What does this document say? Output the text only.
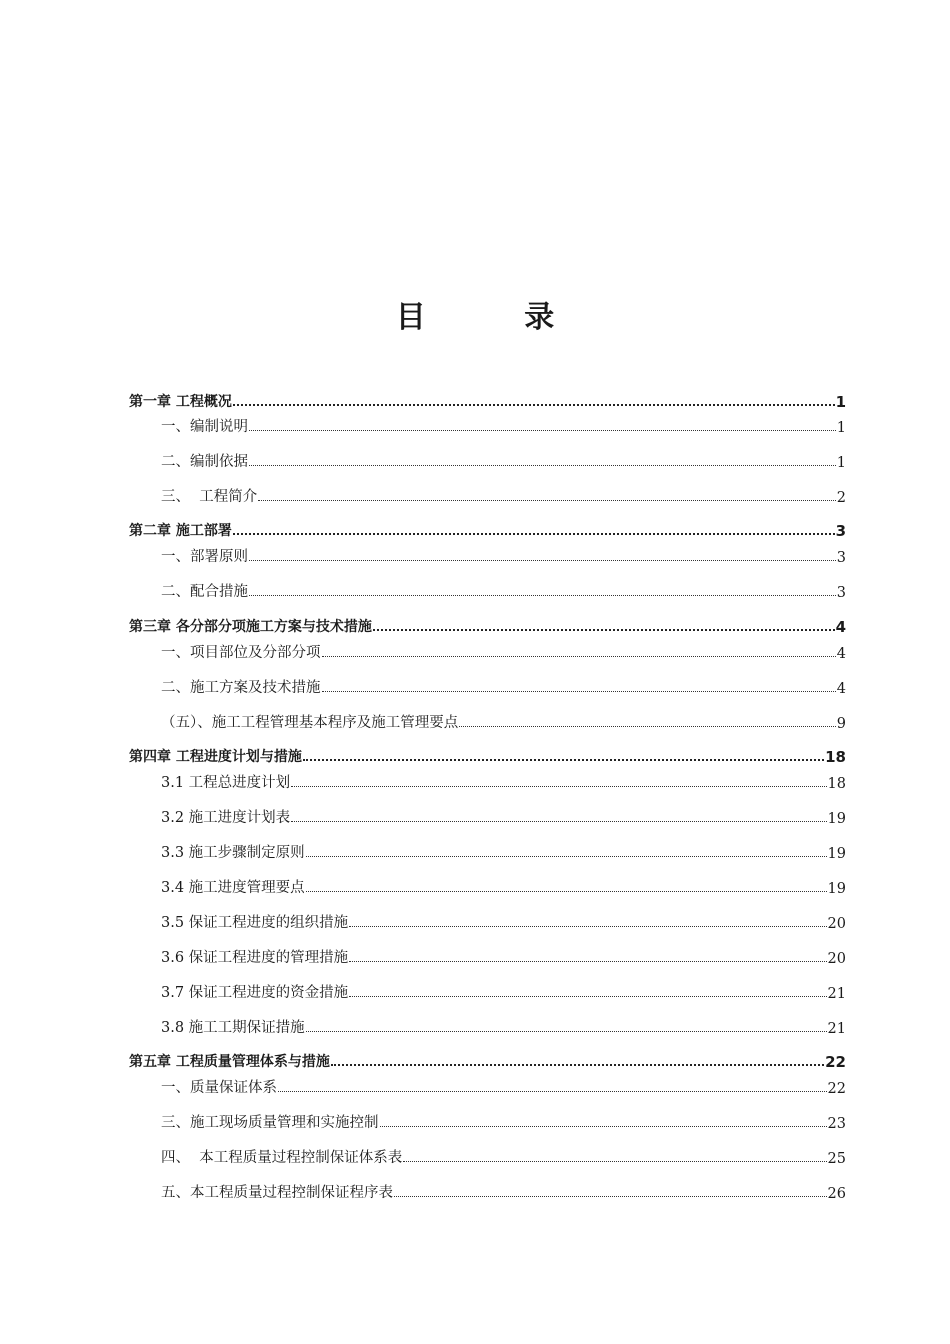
目 录
第一章 工程概况	1
一、编制说明	1
二、编制依据	1
三、  工程简介	2
第二章 施工部署	3
一、部署原则	3
二、配合措施	3
第三章 各分部分项施工方案与技术措施	4
一、项目部位及分部分项	4
二、施工方案及技术措施	4
（五）、施工工程管理基本程序及施工管理要点	9
第四章 工程进度计划与措施	18
3.1 工程总进度计划	18
3.2 施工进度计划表	19
3.3 施工步骤制定原则	19
3.4 施工进度管理要点	19
3.5 保证工程进度的组织措施	20
3.6 保证工程进度的管理措施	20
3.7 保证工程进度的资金措施	21
3.8 施工工期保证措施	21
第五章 工程质量管理体系与措施	22
一、质量保证体系	22
三、施工现场质量管理和实施控制	23
四、  本工程质量过程控制保证体系表	25
五、本工程质量过程控制保证程序表	26
